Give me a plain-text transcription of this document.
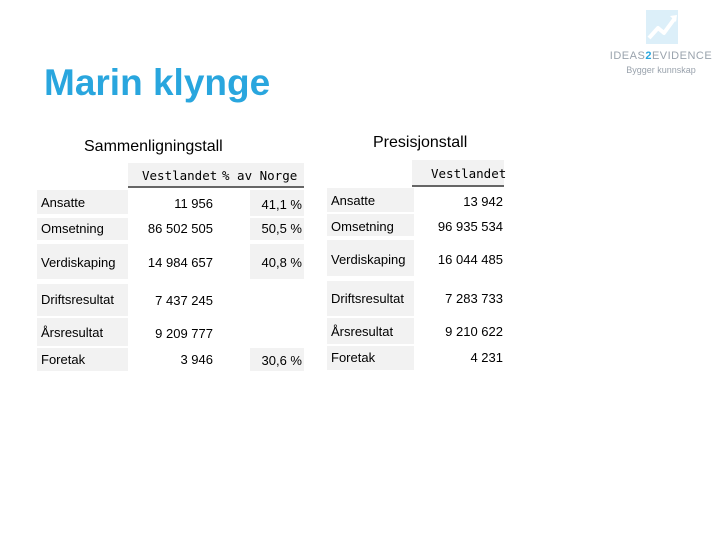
Marin klynge
IDEAS2EVIDENCE
Bygger kunnskap
Sammenligningstall	Presisjonstall
Vestlandet % av Norge
Ansatte	11 956	41,1 %
Omsetning	86 502 505	50,5 %
Verdiskaping	14 984 657	40,8 %
Driftsresultat	7 437 245
Årsresultat	9 209 777
Foretak	3 946	30,6 %
Vestlandet
Ansatte	13 942
Omsetning	96 935 534
Verdiskaping	16 044 485
Driftsresultat	7 283 733
Årsresultat	9 210 622
Foretak	4 231
